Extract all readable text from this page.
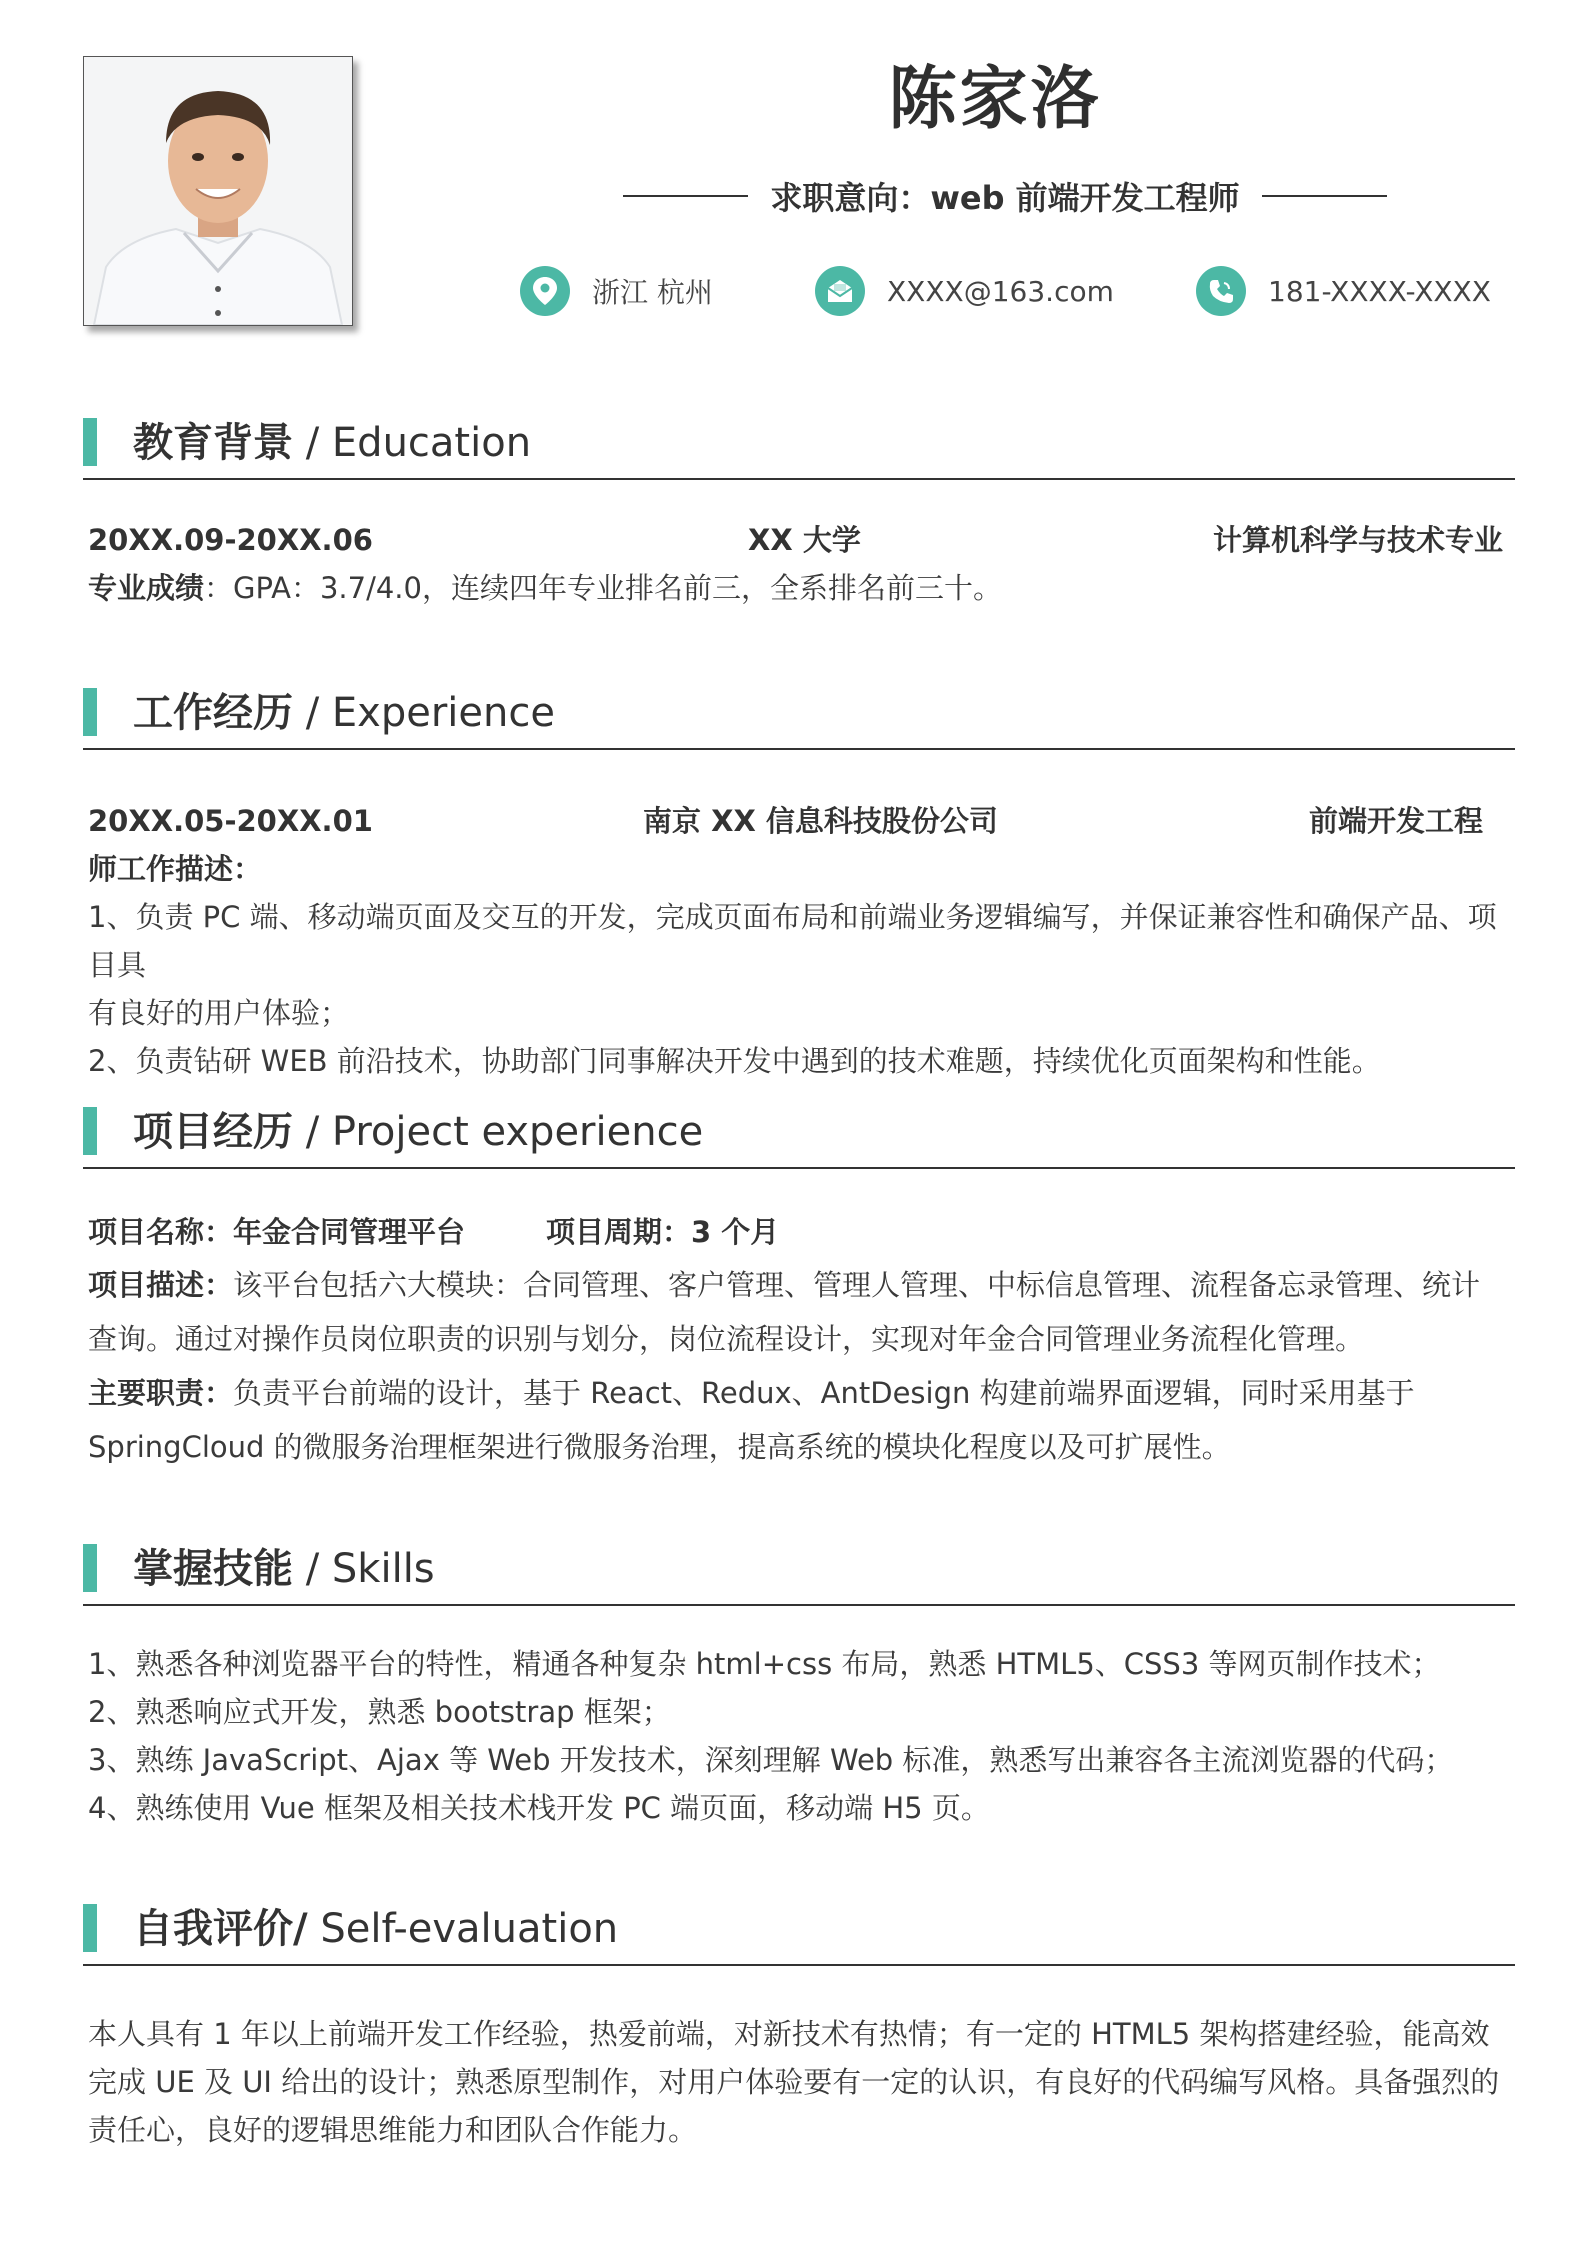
陈家洛
求职意向：web 前端开发工程师
浙江 杭州	XXXX@163.com	181-XXXX-XXXX
教育背景 / Education
20XX.09-20XX.06	XX 大学	计算机科学与技术专业
专业成绩：GPA：3.7/4.0，连续四年专业排名前三，全系排名前三十。
工作经历 / Experience
20XX.05-20XX.01	南京 XX 信息科技股份公司	前端开发工程

师工作描述：

1、负责 PC 端、移动端页面及交互的开发，完成页面布局和前端业务逻辑编写，并保证兼容性和确保产品、项目具

有良好的用户体验；

2、负责钻研 WEB 前沿技术，协助部门同事解决开发中遇到的技术难题，持续优化页面架构和性能。

项目经历 / Project experience
项目名称：年金合同管理平台	项目周期：3 个月

项目描述：该平台包括六大模块：合同管理、客户管理、管理人管理、中标信息管理、流程备忘录管理、统计

查询。通过对操作员岗位职责的识别与划分，岗位流程设计，实现对年金合同管理业务流程化管理。

主要职责：负责平台前端的设计，基于 React、Redux、AntDesign 构建前端界面逻辑，同时采用基于

SpringCloud 的微服务治理框架进行微服务治理，提高系统的模块化程度以及可扩展性。

掌握技能 / Skills

1、熟悉各种浏览器平台的特性，精通各种复杂 html+css 布局，熟悉 HTML5、CSS3 等网页制作技术；

2、熟悉响应式开发，熟悉 bootstrap 框架；

3、熟练 JavaScript、Ajax 等 Web 开发技术，深刻理解 Web 标准，熟悉写出兼容各主流浏览器的代码；

4、熟练使用 Vue 框架及相关技术栈开发 PC 端页面，移动端 H5 页。

自我评价/ Self-evaluation

本人具有 1 年以上前端开发工作经验，热爱前端，对新技术有热情；有一定的 HTML5 架构搭建经验，能高效

完成 UE 及 UI 给出的设计；熟悉原型制作，对用户体验要有一定的认识，有良好的代码编写风格。具备强烈的

责任心，良好的逻辑思维能力和团队合作能力。
